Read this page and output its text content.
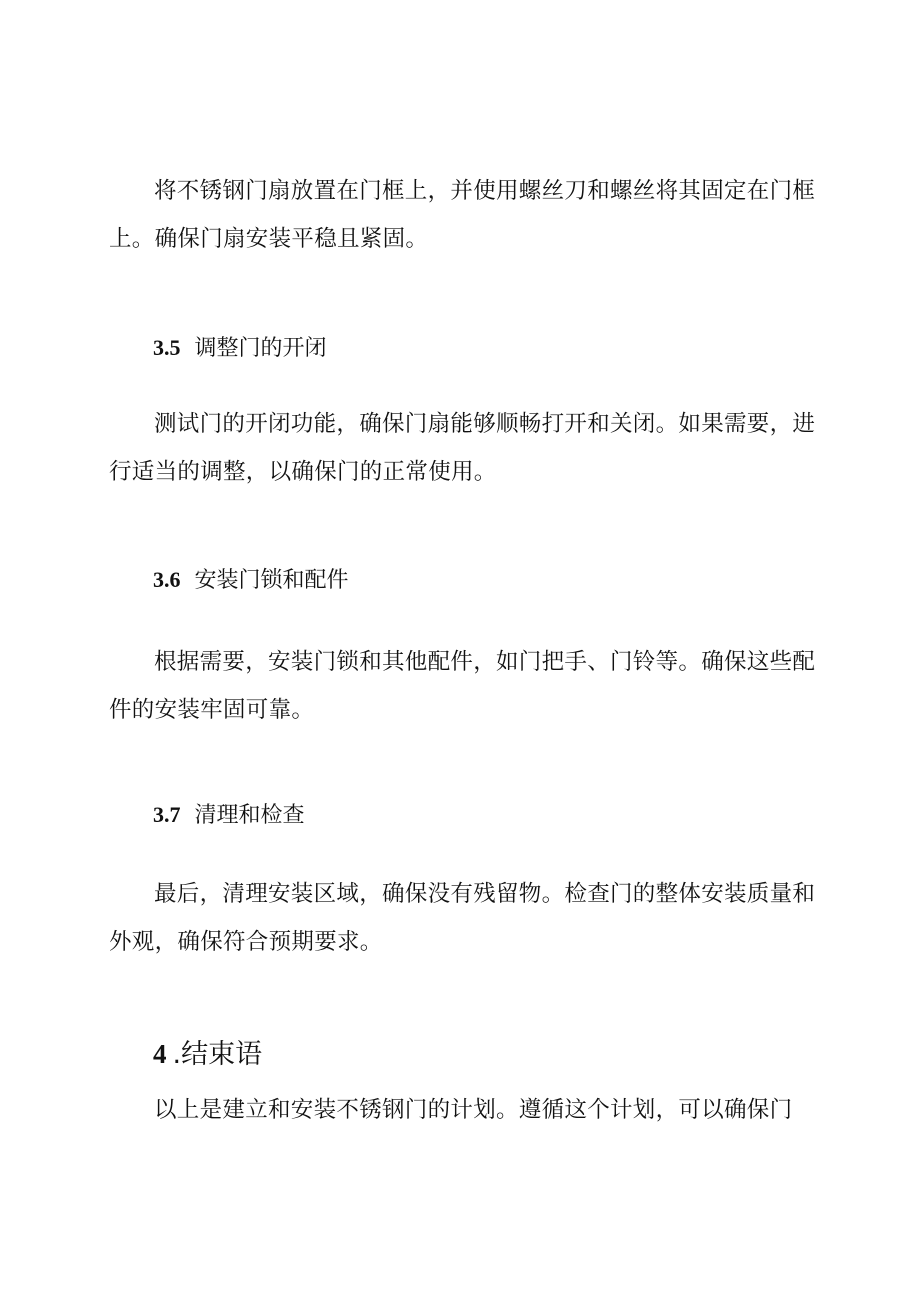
将不锈钢门扇放置在门框上，并使用螺丝刀和螺丝将其固定在门框上。确保门扇安装平稳且紧固。

3.5 调整门的开闭

测试门的开闭功能，确保门扇能够顺畅打开和关闭。如果需要，进行适当的调整，以确保门的正常使用。

3.6 安装门锁和配件

根据需要，安装门锁和其他配件，如门把手、门铃等。确保这些配件的安装牢固可靠。

3.7 清理和检查

最后，清理安装区域，确保没有残留物。检查门的整体安装质量和外观，确保符合预期要求。

4 .结束语

以上是建立和安装不锈钢门的计划。遵循这个计划，可以确保门
